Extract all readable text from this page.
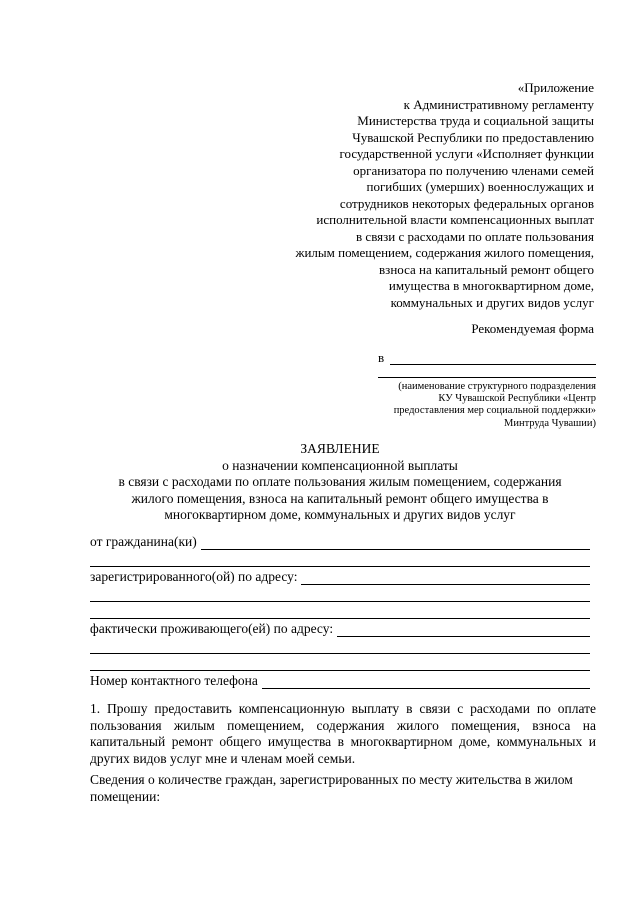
«Приложение
к Административному регламенту
Министерства труда и социальной защиты
Чувашской Республики по предоставлению
государственной услуги «Исполняет функции
организатора по получению членами семей
погибших (умерших) военнослужащих и
сотрудников некоторых федеральных органов
исполнительной власти компенсационных выплат
в связи с расходами по оплате пользования
жилым помещением, содержания жилого помещения,
взноса на капитальный ремонт общего
имущества в многоквартирном доме,
коммунальных и других видов услуг
Рекомендуемая форма
в
(наименование структурного подразделения
КУ Чувашской Республики «Центр
предоставления мер социальной поддержки»
Минтруда Чувашии)
ЗАЯВЛЕНИЕ
о назначении компенсационной выплаты
в связи с расходами по оплате пользования жилым помещением, содержания
жилого помещения, взноса на капитальный ремонт общего имущества в
многоквартирном доме, коммунальных и других видов услуг
от гражданина(ки)
зарегистрированного(ой) по адресу:
фактически проживающего(ей) по адресу:
Номер контактного телефона
1. Прошу предоставить компенсационную выплату в связи с расходами по оплате пользования жилым помещением, содержания жилого помещения, взноса на капитальный ремонт общего имущества в многоквартирном доме, коммунальных и других видов услуг мне и членам моей семьи.
Сведения о количестве граждан, зарегистрированных по месту жительства в жилом помещении:
